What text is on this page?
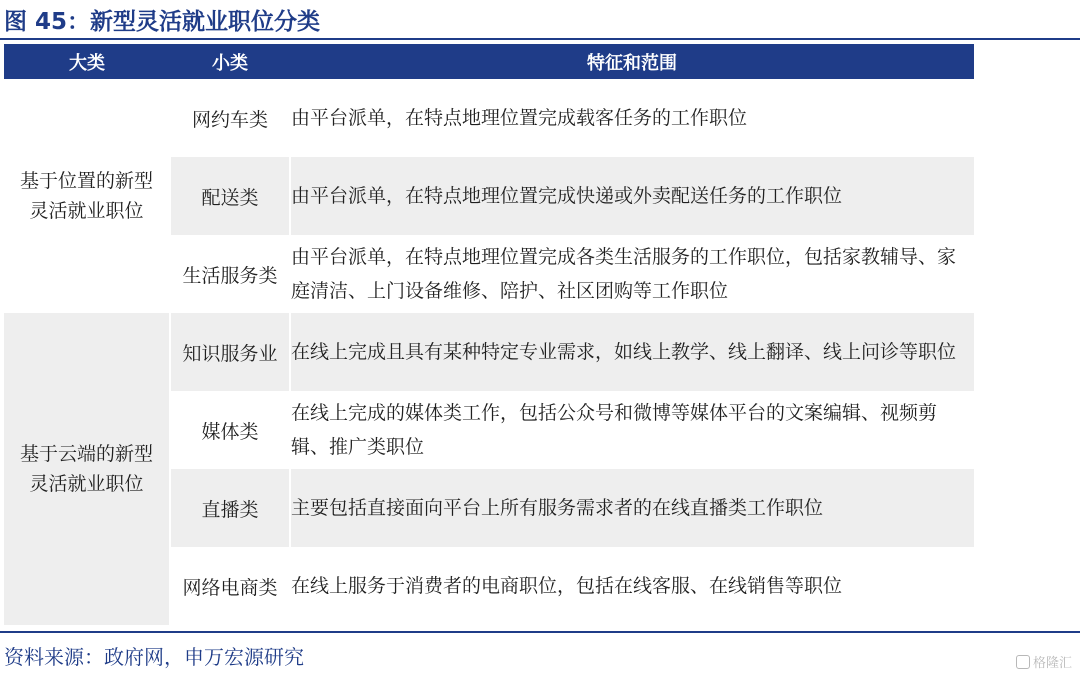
图 45：新型灵活就业职位分类
大类	小类	特征和范围

基于位置的新型
灵活就业职位	网约车类	由平台派单，在特点地理位置完成载客任务的工作职位
	配送类	由平台派单，在特点地理位置完成快递或外卖配送任务的工作职位
	生活服务类	由平台派单，在特点地理位置完成各类生活服务的工作职位，包括家教辅导、家庭清洁、上门设备维修、陪护、社区团购等工作职位

基于云端的新型
灵活就业职位	知识服务业	在线上完成且具有某种特定专业需求，如线上教学、线上翻译、线上问诊等职位
	媒体类	在线上完成的媒体类工作，包括公众号和微博等媒体平台的文案编辑、视频剪辑、推广类职位
	直播类	主要包括直接面向平台上所有服务需求者的在线直播类工作职位
	网络电商类	在线上服务于消费者的电商职位，包括在线客服、在线销售等职位
资料来源：政府网，申万宏源研究	格隆汇
